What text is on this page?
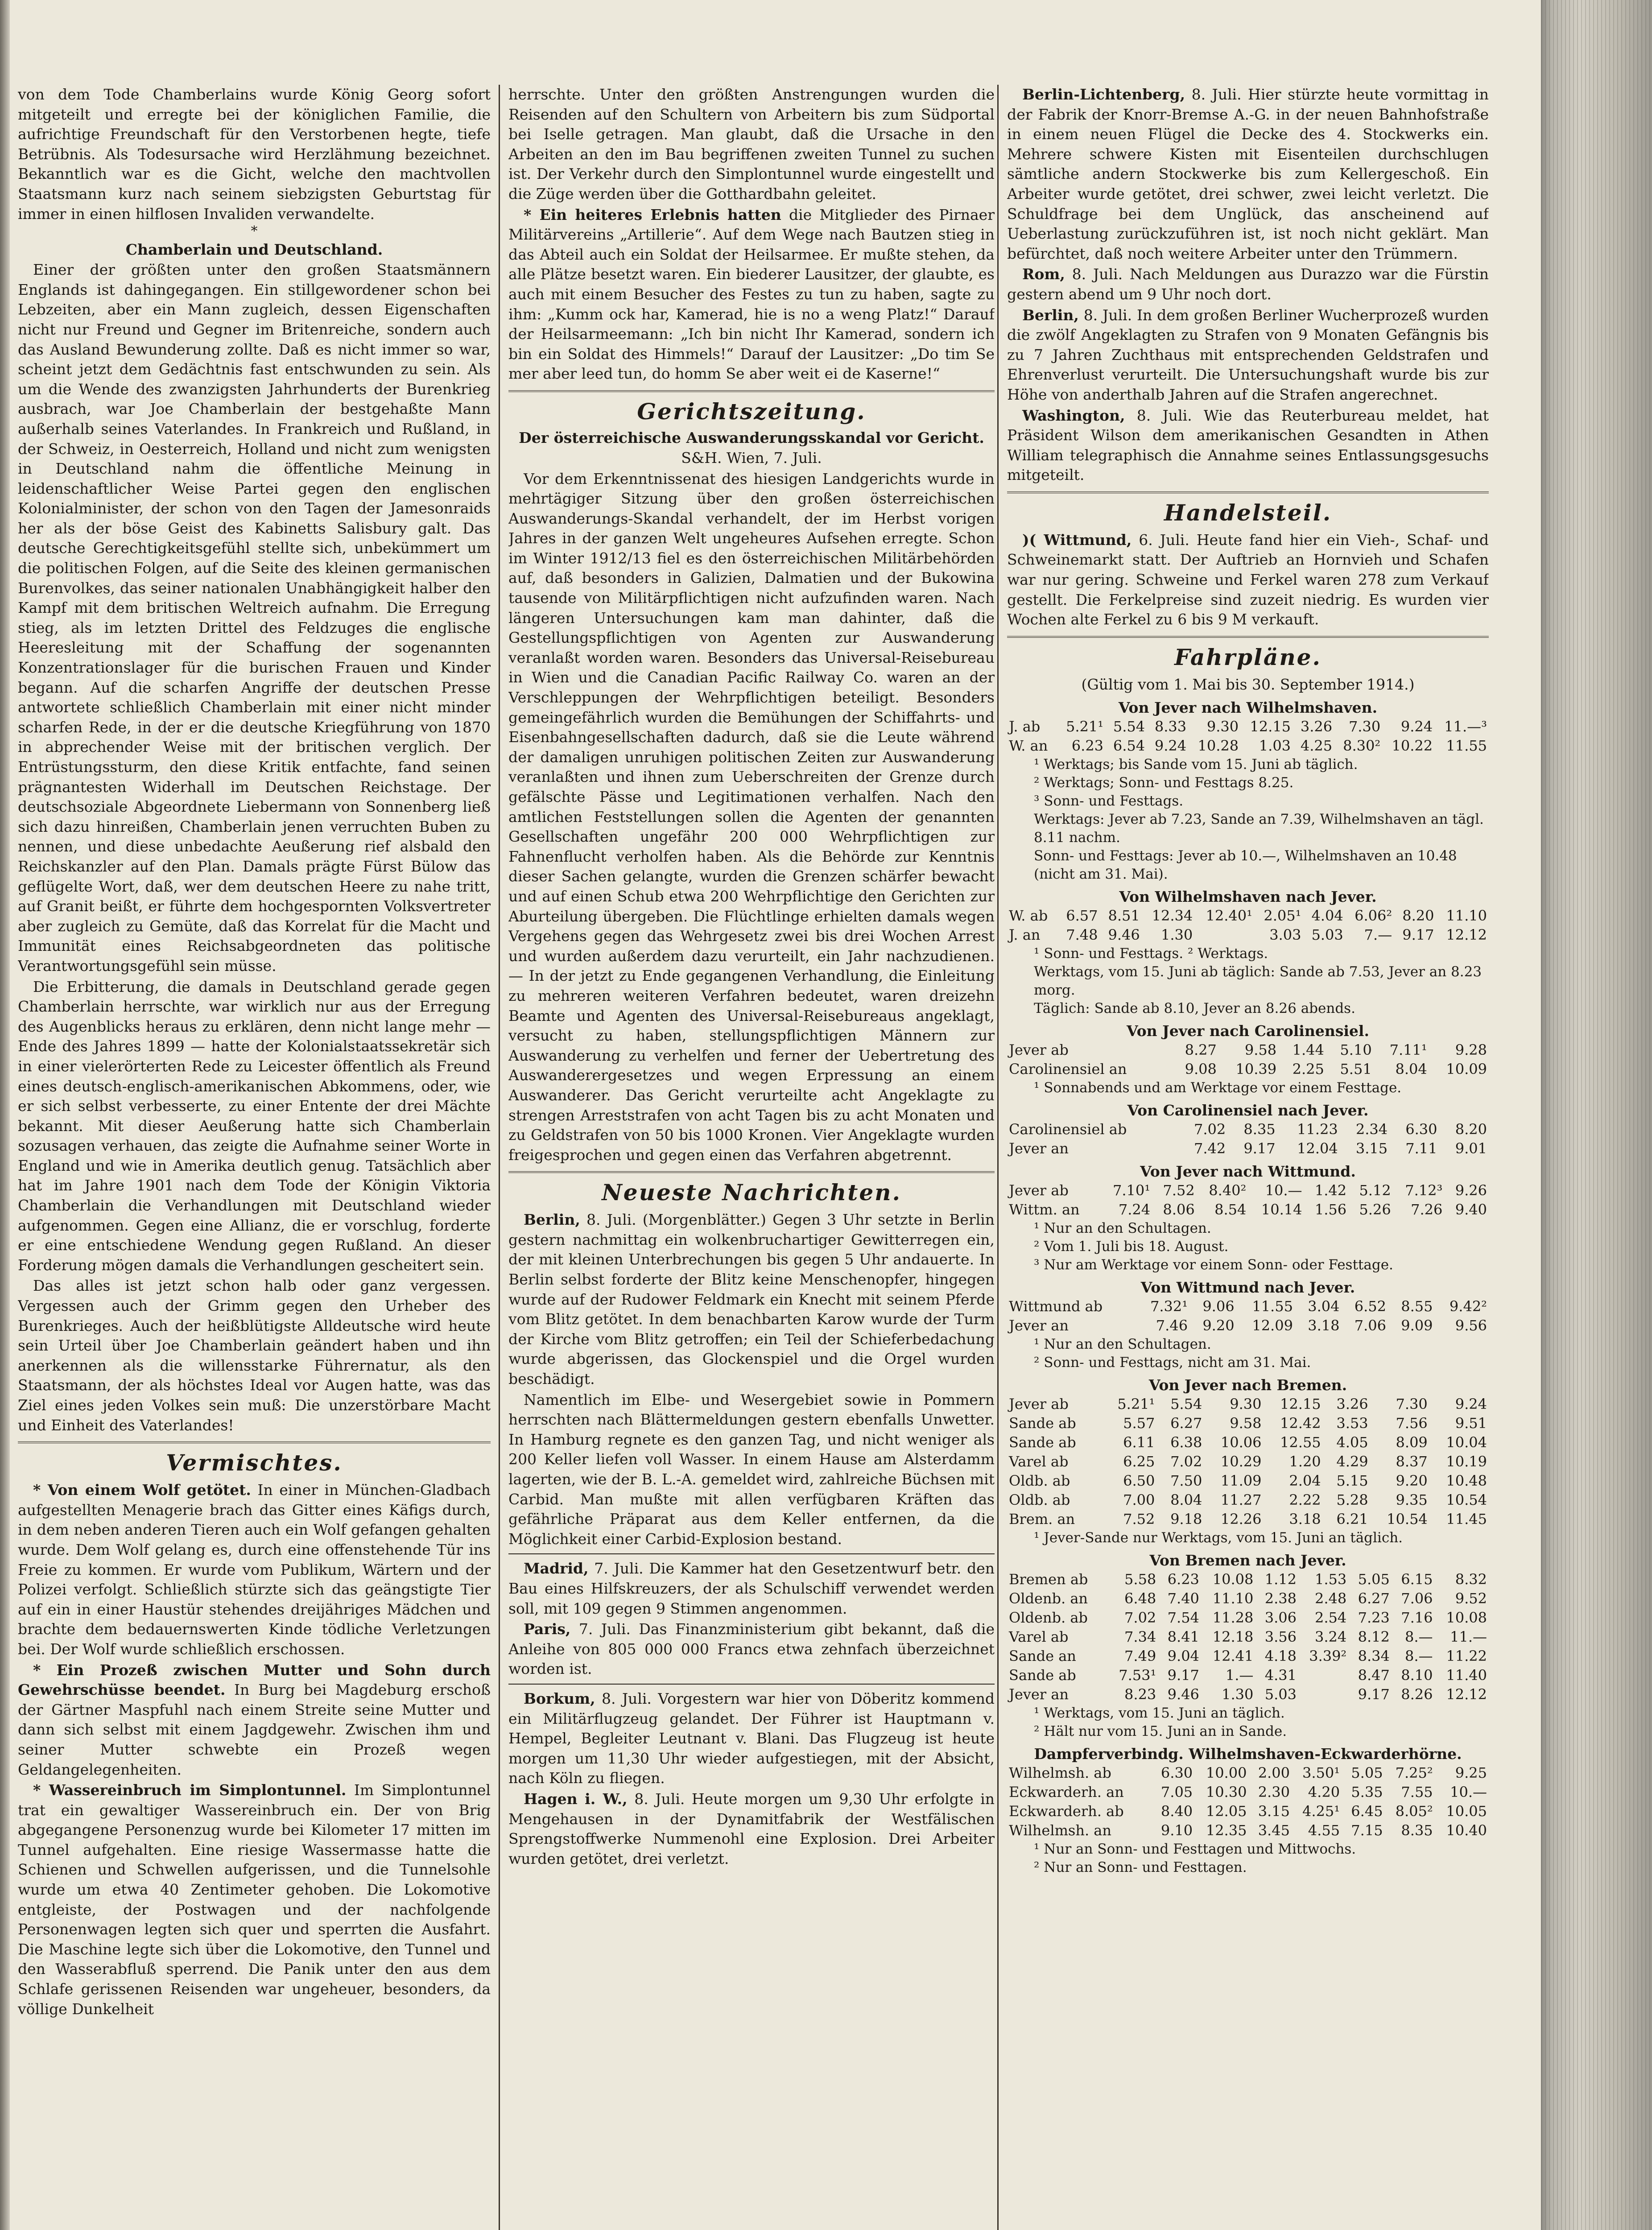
von dem Tode Chamberlains wurde König Georg sofort mitgeteilt und erregte bei der königlichen Familie, die aufrichtige Freundschaft für den Verstorbenen hegte, tiefe Betrübnis. Als Todesursache wird Herzlähmung bezeichnet. Bekanntlich war es die Gicht, welche den machtvollen Staatsmann kurz nach seinem siebzigsten Geburtstag für immer in einen hilflosen Invaliden verwandelte.

*
Chamberlain und Deutschland.

Einer der größten unter den großen Staatsmännern Englands ist dahingegangen. Ein stillgewordener schon bei Lebzeiten, aber ein Mann zugleich, dessen Eigenschaften nicht nur Freund und Gegner im Britenreiche, sondern auch das Ausland Bewunderung zollte. Daß es nicht immer so war, scheint jetzt dem Gedächtnis fast entschwunden zu sein. Als um die Wende des zwanzigsten Jahrhunderts der Burenkrieg ausbrach, war Joe Chamberlain der bestgehaßte Mann außerhalb seines Vaterlandes. In Frankreich und Rußland, in der Schweiz, in Oesterreich, Holland und nicht zum wenigsten in Deutschland nahm die öffentliche Meinung in leidenschaftlicher Weise Partei gegen den englischen Kolonialminister, der schon von den Tagen der Jamesonraids her als der böse Geist des Kabinetts Salisbury galt. Das deutsche Gerechtigkeitsgefühl stellte sich, unbekümmert um die politischen Folgen, auf die Seite des kleinen germanischen Burenvolkes, das seiner nationalen Unabhängigkeit halber den Kampf mit dem britischen Weltreich aufnahm. Die Erregung stieg, als im letzten Drittel des Feldzuges die englische Heeresleitung mit der Schaffung der sogenannten Konzentrationslager für die burischen Frauen und Kinder begann. Auf die scharfen Angriffe der deutschen Presse antwortete schließlich Chamberlain mit einer nicht minder scharfen Rede, in der er die deutsche Kriegführung von 1870 in abprechender Weise mit der britischen verglich. Der Entrüstungssturm, den diese Kritik entfachte, fand seinen prägnantesten Widerhall im Deutschen Reichstage. Der deutschsoziale Abgeordnete Liebermann von Sonnenberg ließ sich dazu hinreißen, Chamberlain jenen verruchten Buben zu nennen, und diese unbedachte Aeußerung rief alsbald den Reichskanzler auf den Plan. Damals prägte Fürst Bülow das geflügelte Wort, daß, wer dem deutschen Heere zu nahe tritt, auf Granit beißt, er führte dem hochgespornten Volksvertreter aber zugleich zu Gemüte, daß das Korrelat für die Macht und Immunität eines Reichsabgeordneten das politische Verantwortungsgefühl sein müsse.

Die Erbitterung, die damals in Deutschland gerade gegen Chamberlain herrschte, war wirklich nur aus der Erregung des Augenblicks heraus zu erklären, denn nicht lange mehr — Ende des Jahres 1899 — hatte der Kolonialstaatssekretär sich in einer vielerörterten Rede zu Leicester öffentlich als Freund eines deutsch-englisch-amerikanischen Abkommens, oder, wie er sich selbst verbesserte, zu einer Entente der drei Mächte bekannt. Mit dieser Aeußerung hatte sich Chamberlain sozusagen verhauen, das zeigte die Aufnahme seiner Worte in England und wie in Amerika deutlich genug. Tatsächlich aber hat im Jahre 1901 nach dem Tode der Königin Viktoria Chamberlain die Verhandlungen mit Deutschland wieder aufgenommen. Gegen eine Allianz, die er vorschlug, forderte er eine entschiedene Wendung gegen Rußland. An dieser Forderung mögen damals die Verhandlungen gescheitert sein.

Das alles ist jetzt schon halb oder ganz vergessen. Vergessen auch der Grimm gegen den Urheber des Burenkrieges. Auch der heißblütigste Alldeutsche wird heute sein Urteil über Joe Chamberlain geändert haben und ihn anerkennen als die willensstarke Führernatur, als den Staatsmann, der als höchstes Ideal vor Augen hatte, was das Ziel eines jeden Volkes sein muß: Die unzerstörbare Macht und Einheit des Vaterlandes!

Vermischtes.

* Von einem Wolf getötet. In einer in München-Gladbach aufgestellten Menagerie brach das Gitter eines Käfigs durch, in dem neben anderen Tieren auch ein Wolf gefangen gehalten wurde. Dem Wolf gelang es, durch eine offenstehende Tür ins Freie zu kommen. Er wurde vom Publikum, Wärtern und der Polizei verfolgt. Schließlich stürzte sich das geängstigte Tier auf ein in einer Haustür stehendes dreijähriges Mädchen und brachte dem bedauernswerten Kinde tödliche Verletzungen bei. Der Wolf wurde schließlich erschossen.

* Ein Prozeß zwischen Mutter und Sohn durch Gewehrschüsse beendet. In Burg bei Magdeburg erschoß der Gärtner Maspfuhl nach einem Streite seine Mutter und dann sich selbst mit einem Jagdgewehr. Zwischen ihm und seiner Mutter schwebte ein Prozeß wegen Geldangelegenheiten.

* Wassereinbruch im Simplontunnel. Im Simplontunnel trat ein gewaltiger Wassereinbruch ein. Der von Brig abgegangene Personenzug wurde bei Kilometer 17 mitten im Tunnel aufgehalten. Eine riesige Wassermasse hatte die Schienen und Schwellen aufgerissen, und die Tunnelsohle wurde um etwa 40 Zentimeter gehoben. Die Lokomotive entgleiste, der Postwagen und der nachfolgende Personenwagen legten sich quer und sperrten die Ausfahrt. Die Maschine legte sich über die Lokomotive, den Tunnel und den Wasserabfluß sperrend. Die Panik unter den aus dem Schlafe gerissenen Reisenden war ungeheuer, besonders, da völlige Dunkelheit

herrschte. Unter den größten Anstrengungen wurden die Reisenden auf den Schultern von Arbeitern bis zum Südportal bei Iselle getragen. Man glaubt, daß die Ursache in den Arbeiten an den im Bau begriffenen zweiten Tunnel zu suchen ist. Der Verkehr durch den Simplontunnel wurde eingestellt und die Züge werden über die Gotthardbahn geleitet.

* Ein heiteres Erlebnis hatten die Mitglieder des Pirnaer Militärvereins „Artillerie“. Auf dem Wege nach Bautzen stieg in das Abteil auch ein Soldat der Heilsarmee. Er mußte stehen, da alle Plätze besetzt waren. Ein biederer Lausitzer, der glaubte, es auch mit einem Besucher des Festes zu tun zu haben, sagte zu ihm: „Kumm ock har, Kamerad, hie is no a weng Platz!“ Darauf der Heilsarmeemann: „Ich bin nicht Ihr Kamerad, sondern ich bin ein Soldat des Himmels!“ Darauf der Lausitzer: „Do tim Se mer aber leed tun, do homm Se aber weit ei de Kaserne!“

Gerichtszeitung.
Der österreichische Auswanderungsskandal vor Gericht.

S&H. Wien, 7. Juli.

Vor dem Erkenntnissenat des hiesigen Landgerichts wurde in mehrtägiger Sitzung über den großen österreichischen Auswanderungs-Skandal verhandelt, der im Herbst vorigen Jahres in der ganzen Welt ungeheures Aufsehen erregte. Schon im Winter 1912/13 fiel es den österreichischen Militärbehörden auf, daß besonders in Galizien, Dalmatien und der Bukowina tausende von Militärpflichtigen nicht aufzufinden waren. Nach längeren Untersuchungen kam man dahinter, daß die Gestellungspflichtigen von Agenten zur Auswanderung veranlaßt worden waren. Besonders das Universal-Reisebureau in Wien und die Canadian Pacific Railway Co. waren an der Verschleppungen der Wehrpflichtigen beteiligt. Besonders gemeingefährlich wurden die Bemühungen der Schiffahrts- und Eisenbahngesellschaften dadurch, daß sie die Leute während der damaligen unruhigen politischen Zeiten zur Auswanderung veranlaßten und ihnen zum Ueberschreiten der Grenze durch gefälschte Pässe und Legitimationen verhalfen. Nach den amtlichen Feststellungen sollen die Agenten der genannten Gesellschaften ungefähr 200 000 Wehrpflichtigen zur Fahnenflucht verholfen haben. Als die Behörde zur Kenntnis dieser Sachen gelangte, wurden die Grenzen schärfer bewacht und auf einen Schub etwa 200 Wehrpflichtige den Gerichten zur Aburteilung übergeben. Die Flüchtlinge erhielten damals wegen Vergehens gegen das Wehrgesetz zwei bis drei Wochen Arrest und wurden außerdem dazu verurteilt, ein Jahr nachzudienen. — In der jetzt zu Ende gegangenen Verhandlung, die Einleitung zu mehreren weiteren Verfahren bedeutet, waren dreizehn Beamte und Agenten des Universal-Reisebureaus angeklagt, versucht zu haben, stellungspflichtigen Männern zur Auswanderung zu verhelfen und ferner der Uebertretung des Auswanderergesetzes und wegen Erpressung an einem Auswanderer. Das Gericht verurteilte acht Angeklagte zu strengen Arreststrafen von acht Tagen bis zu acht Monaten und zu Geldstrafen von 50 bis 1000 Kronen. Vier Angeklagte wurden freigesprochen und gegen einen das Verfahren abgetrennt.

Neueste Nachrichten.

Berlin, 8. Juli. (Morgenblätter.) Gegen 3 Uhr setzte in Berlin gestern nachmittag ein wolkenbruchartiger Gewitterregen ein, der mit kleinen Unterbrechungen bis gegen 5 Uhr andauerte. In Berlin selbst forderte der Blitz keine Menschenopfer, hingegen wurde auf der Rudower Feldmark ein Knecht mit seinem Pferde vom Blitz getötet. In dem benachbarten Karow wurde der Turm der Kirche vom Blitz getroffen; ein Teil der Schieferbedachung wurde abgerissen, das Glockenspiel und die Orgel wurden beschädigt.

Namentlich im Elbe- und Wesergebiet sowie in Pommern herrschten nach Blättermeldungen gestern ebenfalls Unwetter. In Hamburg regnete es den ganzen Tag, und nicht weniger als 200 Keller liefen voll Wasser. In einem Hause am Alsterdamm lagerten, wie der B. L.-A. gemeldet wird, zahlreiche Büchsen mit Carbid. Man mußte mit allen verfügbaren Kräften das gefährliche Präparat aus dem Keller entfernen, da die Möglichkeit einer Carbid-Explosion bestand.

Madrid, 7. Juli. Die Kammer hat den Gesetzentwurf betr. den Bau eines Hilfskreuzers, der als Schulschiff verwendet werden soll, mit 109 gegen 9 Stimmen angenommen.

Paris, 7. Juli. Das Finanzministerium gibt bekannt, daß die Anleihe von 805 000 000 Francs etwa zehnfach überzeichnet worden ist.

Borkum, 8. Juli. Vorgestern war hier von Döberitz kommend ein Militärflugzeug gelandet. Der Führer ist Hauptmann v. Hempel, Begleiter Leutnant v. Blani. Das Flugzeug ist heute morgen um 11,30 Uhr wieder aufgestiegen, mit der Absicht, nach Köln zu fliegen.

Hagen i. W., 8. Juli. Heute morgen um 9,30 Uhr erfolgte in Mengehausen in der Dynamitfabrik der Westfälischen Sprengstoffwerke Nummenohl eine Explosion. Drei Arbeiter wurden getötet, drei verletzt.

Berlin-Lichtenberg, 8. Juli. Hier stürzte heute vormittag in der Fabrik der Knorr-Bremse A.-G. in der neuen Bahnhofstraße in einem neuen Flügel die Decke des 4. Stockwerks ein. Mehrere schwere Kisten mit Eisenteilen durchschlugen sämtliche andern Stockwerke bis zum Kellergeschoß. Ein Arbeiter wurde getötet, drei schwer, zwei leicht verletzt. Die Schuldfrage bei dem Unglück, das anscheinend auf Ueberlastung zurückzuführen ist, ist noch nicht geklärt. Man befürchtet, daß noch weitere Arbeiter unter den Trümmern.

Rom, 8. Juli. Nach Meldungen aus Durazzo war die Fürstin gestern abend um 9 Uhr noch dort.

Berlin, 8. Juli. In dem großen Berliner Wucherprozeß wurden die zwölf Angeklagten zu Strafen von 9 Monaten Gefängnis bis zu 7 Jahren Zuchthaus mit entsprechenden Geldstrafen und Ehrenverlust verurteilt. Die Untersuchungshaft wurde bis zur Höhe von anderthalb Jahren auf die Strafen angerechnet.

Washington, 8. Juli. Wie das Reuterbureau meldet, hat Präsident Wilson dem amerikanischen Gesandten in Athen William telegraphisch die Annahme seines Entlassungsgesuchs mitgeteilt.

Handelsteil.

)( Wittmund, 6. Juli. Heute fand hier ein Vieh-, Schaf- und Schweinemarkt statt. Der Auftrieb an Hornvieh und Schafen war nur gering. Schweine und Ferkel waren 278 zum Verkauf gestellt. Die Ferkelpreise sind zuzeit niedrig. Es wurden vier Wochen alte Ferkel zu 6 bis 9 M verkauft.

Fahrpläne.

(Gültig vom 1. Mai bis 30. September 1914.)

Von Jever nach Wilhelmshaven.
J. ab	5.21¹	5.54	8.33	9.30	12.15	3.26	7.30	9.24	11.—³
W. an	6.23	6.54	9.24	10.28	1.03	4.25	8.30²	10.22	11.55
¹ Werktags; bis Sande vom 15. Juni ab täglich.
² Werktags; Sonn- und Festtags 8.25.
³ Sonn- und Festtags.
Werktags: Jever ab 7.23, Sande an 7.39, Wilhelmshaven an tägl. 8.11 nachm.
Sonn- und Festtags: Jever ab 10.—, Wilhelmshaven an 10.48 (nicht am 31. Mai).
Von Wilhelmshaven nach Jever.
W. ab	6.57	8.51	12.34	12.40¹	2.05¹	4.04	6.06²	8.20	11.10
J. an	7.48	9.46	1.30		3.03	5.03	7.—	9.17	12.12
¹ Sonn- und Festtags. ² Werktags.
Werktags, vom 15. Juni ab täglich: Sande ab 7.53, Jever an 8.23 morg.
Täglich: Sande ab 8.10, Jever an 8.26 abends.
Von Jever nach Carolinensiel.
Jever ab	8.27	9.58	1.44	5.10	7.11¹	9.28
Carolinensiel an	9.08	10.39	2.25	5.51	8.04	10.09
¹ Sonnabends und am Werktage vor einem Festtage.
Von Carolinensiel nach Jever.
Carolinensiel ab	7.02	8.35	11.23	2.34	6.30	8.20
Jever an	7.42	9.17	12.04	3.15	7.11	9.01
Von Jever nach Wittmund.
Jever ab	7.10¹	7.52	8.40²	10.—	1.42	5.12	7.12³	9.26
Wittm. an	7.24	8.06	8.54	10.14	1.56	5.26	7.26	9.40
¹ Nur an den Schultagen.
² Vom 1. Juli bis 18. August.
³ Nur am Werktage vor einem Sonn- oder Festtage.
Von Wittmund nach Jever.
Wittmund ab	7.32¹	9.06	11.55	3.04	6.52	8.55	9.42²
Jever an	7.46	9.20	12.09	3.18	7.06	9.09	9.56
¹ Nur an den Schultagen.
² Sonn- und Festtags, nicht am 31. Mai.
Von Jever nach Bremen.
Jever ab	5.21¹	5.54	9.30	12.15	3.26	7.30	9.24
Sande ab	5.57	6.27	9.58	12.42	3.53	7.56	9.51
Sande ab	6.11	6.38	10.06	12.55	4.05	8.09	10.04
Varel ab	6.25	7.02	10.29	1.20	4.29	8.37	10.19
Oldb. ab	6.50	7.50	11.09	2.04	5.15	9.20	10.48
Oldb. ab	7.00	8.04	11.27	2.22	5.28	9.35	10.54
Brem. an	7.52	9.18	12.26	3.18	6.21	10.54	11.45
¹ Jever-Sande nur Werktags, vom 15. Juni an täglich.
Von Bremen nach Jever.
Bremen ab	5.58	6.23	10.08	1.12	1.53	5.05	6.15	8.32
Oldenb. an	6.48	7.40	11.10	2.38	2.48	6.27	7.06	9.52
Oldenb. ab	7.02	7.54	11.28	3.06	2.54	7.23	7.16	10.08
Varel ab	7.34	8.41	12.18	3.56	3.24	8.12	8.—	11.—
Sande an	7.49	9.04	12.41	4.18	3.39²	8.34	8.—	11.22
Sande ab	7.53¹	9.17	1.—	4.31		8.47	8.10	11.40
Jever an	8.23	9.46	1.30	5.03		9.17	8.26	12.12
¹ Werktags, vom 15. Juni an täglich.
² Hält nur vom 15. Juni an in Sande.
Dampferverbindg. Wilhelmshaven-Eckwarderhörne.
Wilhelmsh. ab	6.30	10.00	2.00	3.50¹	5.05	7.25²	9.25
Eckwarderh. an	7.05	10.30	2.30	4.20	5.35	7.55	10.—
Eckwarderh. ab	8.40	12.05	3.15	4.25¹	6.45	8.05²	10.05
Wilhelmsh. an	9.10	12.35	3.45	4.55	7.15	8.35	10.40
¹ Nur an Sonn- und Festtagen und Mittwochs.
² Nur an Sonn- und Festtagen.
